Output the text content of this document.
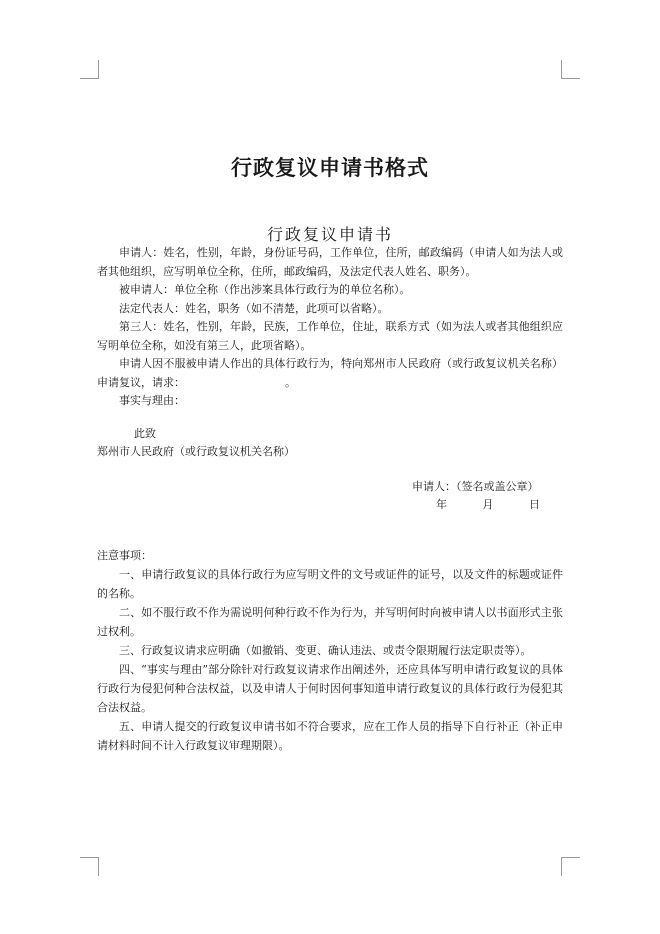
行政复议申请书格式
行政复议申请书

申请人：姓名，性别，年龄，身份证号码，工作单位，住所，邮政编码（申请人如为法人或者其他组织，应写明单位全称，住所，邮政编码，及法定代表人姓名、职务）。

被申请人：单位全称（作出涉案具体行政行为的单位名称）。

法定代表人：姓名，职务（如不清楚，此项可以省略）。

第三人：姓名，性别，年龄，民族，工作单位，住址，联系方式（如为法人或者其他组织应写明单位全称，如没有第三人，此项省略）。

申请人因不服被申请人作出的具体行政行为，特向郑州市人民政府（或行政复议机关名称）申请复议，请求：	。

事实与理由：

此致
郑州市人民政府（或行政复议机关名称）
申请人：（签名或盖公章）
年	月	日

注意事项：

一、申请行政复议的具体行政行为应写明文件的文号或证件的证号，以及文件的标题或证件的名称。

二、如不服行政不作为需说明何种行政不作为行为，并写明何时向被申请人以书面形式主张过权利。

三、行政复议请求应明确（如撤销、变更、确认违法、或责令限期履行法定职责等）。

四、“事实与理由”部分除针对行政复议请求作出阐述外，还应具体写明申请行政复议的具体行政行为侵犯何种合法权益，以及申请人于何时因何事知道申请行政复议的具体行政行为侵犯其合法权益。

五、申请人提交的行政复议申请书如不符合要求，应在工作人员的指导下自行补正（补正申请材料时间不计入行政复议审理期限）。
